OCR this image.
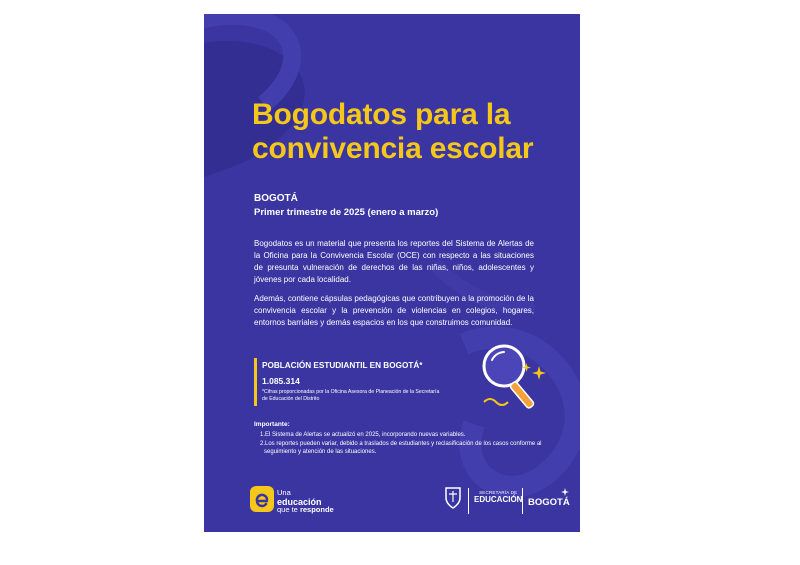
Bogodatos para la convivencia escolar
BOGOTÁ
Primer trimestre de 2025 (enero a marzo)
Bogodatos es un material que presenta los reportes del Sistema de Alertas de la Oficina para la Convivencia Escolar (OCE) con respecto a las situaciones de presunta vulneración de derechos de las niñas, niños, adolescentes y jóvenes por cada localidad.
Además, contiene cápsulas pedagógicas que contribuyen a la promoción de la convivencia escolar y la prevención de violencias en colegios, hogares, entornos barriales y demás espacios en los que construimos comunidad.
POBLACIÓN ESTUDIANTIL EN BOGOTÁ*
1.085.314
*Cifras proporcionadas por la Oficina Asesora de Planeación de la Secretaría de Educación del Distrito
Importante:
1.El Sistema de Alertas se actualizó en 2025, incorporando nuevas variables.
2.Los reportes pueden variar, debido a traslados de estudiantes y reclasificación de los casos conforme al seguimiento y atención de las situaciones.
Una
educación
que te responde
SECRETARÍA DE
EDUCACIÓN BOGOTÁ
